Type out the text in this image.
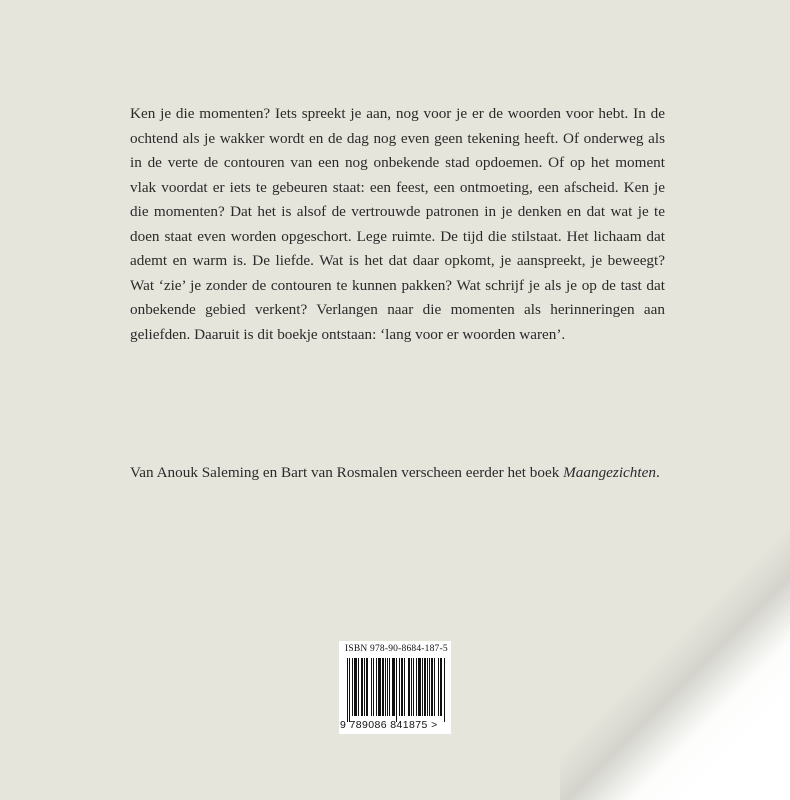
Ken je die momenten? Iets spreekt je aan, nog voor je er de woorden voor hebt. In de ochtend als je wakker wordt en de dag nog even geen tekening heeft. Of onderweg als in de verte de contouren van een nog onbekende stad opdoemen. Of op het moment vlak voordat er iets te gebeuren staat: een feest, een ontmoeting, een afscheid. Ken je die momenten? Dat het is alsof de vertrouwde patronen in je denken en dat wat je te doen staat even worden opgeschort. Lege ruimte. De tijd die stilstaat. Het lichaam dat ademt en warm is. De liefde. Wat is het dat daar opkomt, je aanspreekt, je beweegt? Wat ‘zie’ je zonder de contouren te kunnen pakken? Wat schrijf je als je op de tast dat onbekende gebied verkent? Verlangen naar die momenten als herinneringen aan geliefden. Daaruit is dit boekje ontstaan: ‘lang voor er woorden waren’.

Van Anouk Saleming en Bart van Rosmalen verscheen eerder het boek Maangezichten.

ISBN 978-90-8684-187-5
9 789086 841875 >
